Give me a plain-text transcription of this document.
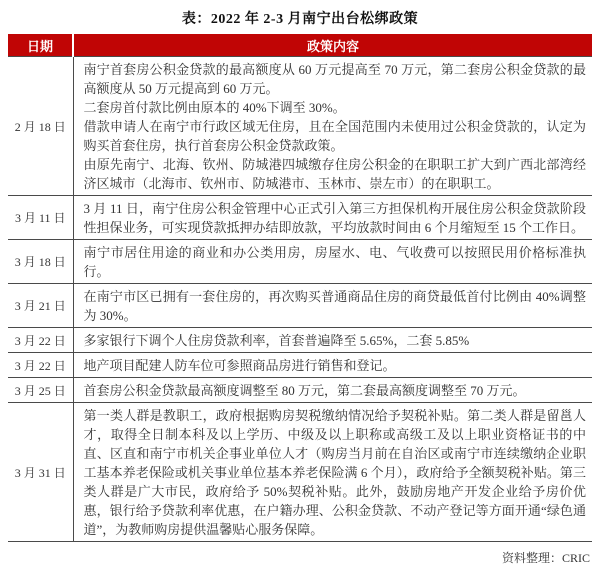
表：2022 年 2-3 月南宁出台松绑政策
日期	政策内容
2 月 18 日	南宁首套房公积金贷款的最高额度从 60 万元提高至 70 万元，第二套房公积金贷款的最高额度从 50 万元提高到 60 万元。
二套房首付款比例由原本的 40%下调至 30%。
借款申请人在南宁市行政区域无住房，且在全国范围内未使用过公积金贷款的，认定为购买首套住房，执行首套房公积金贷款政策。
由原先南宁、北海、钦州、防城港四城缴存住房公积金的在职职工扩大到广西北部湾经济区城市（北海市、钦州市、防城港市、玉林市、崇左市）的在职职工。

3 月 11 日	3 月 11 日，南宁住房公积金管理中心正式引入第三方担保机构开展住房公积金贷款阶段性担保业务，可实现贷款抵押办结即放款，平均放款时间由 6 个月缩短至 15 个工作日。

3 月 18 日	南宁市居住用途的商业和办公类用房，房屋水、电、气收费可以按照民用价格标准执行。

3 月 21 日	在南宁市区已拥有一套住房的，再次购买普通商品住房的商贷最低首付比例由 40%调整为 30%。

3 月 22 日	多家银行下调个人住房贷款利率，首套普遍降至 5.65%，二套 5.85%

3 月 22 日	地产项目配建人防车位可参照商品房进行销售和登记。

3 月 25 日	首套房公积金贷款最高额度调整至 80 万元，第二套最高额度调整至 70 万元。

3 月 31 日	第一类人群是教职工，政府根据购房契税缴纳情况给予契税补贴。第二类人群是留邕人才，取得全日制本科及以上学历、中级及以上职称或高级工及以上职业资格证书的中直、区直和南宁市机关企事业单位人才（购房当月前在自治区或南宁市连续缴纳企业职工基本养老保险或机关事业单位基本养老保险满 6 个月），政府给予全额契税补贴。第三类人群是广大市民，政府给予 50%契税补贴。此外，鼓励房地产开发企业给予房价优惠，银行给予贷款利率优惠，在户籍办理、公积金贷款、不动产登记等方面开通“绿色通道”，为教师购房提供温馨贴心服务保障。
资料整理：CRIC
